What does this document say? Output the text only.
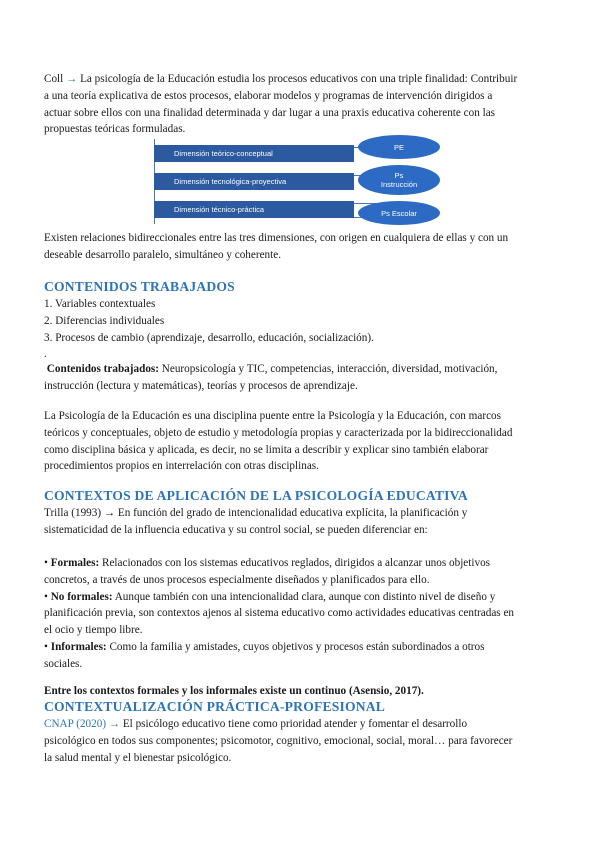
Coll → La psicología de la Educación estudia los procesos educativos con una triple finalidad: Contribuir
a una teoría explicativa de estos procesos, elaborar modelos y programas de intervención dirigidos a
actuar sobre ellos con una finalidad determinada y dar lugar a una praxis educativa coherente con las
propuestas teóricas formuladas.

Dimensión teórico-conceptual
Dimensión tecnológica-proyectiva
Dimensión técnico-práctica
PE
Ps
Instrucción
Ps Escolar

Existen relaciones bidireccionales entre las tres dimensiones, con origen en cualquiera de ellas y con un
deseable desarrollo paralelo, simultáneo y coherente.

CONTENIDOS TRABAJADOS

1. Variables contextuales
2. Diferencias individuales
3. Procesos de cambio (aprendizaje, desarrollo, educación, socialización).
.

Contenidos trabajados: Neuropsicología y TIC, competencias, interacción, diversidad, motivación,
instrucción (lectura y matemáticas), teorías y procesos de aprendizaje.

La Psicología de la Educación es una disciplina puente entre la Psicología y la Educación, con marcos
teóricos y conceptuales, objeto de estudio y metodología propias y caracterizada por la bidireccionalidad
como disciplina básica y aplicada, es decir, no se limita a describir y explicar sino también elaborar
procedimientos propios en interrelación con otras disciplinas.

CONTEXTOS DE APLICACIÓN DE LA PSICOLOGÍA EDUCATIVA

Trilla (1993) → En función del grado de intencionalidad educativa explícita, la planificación y
sistematicidad de la influencia educativa y su control social, se pueden diferenciar en:

• Formales: Relacionados con los sistemas educativos reglados, dirigidos a alcanzar unos objetivos
concretos, a través de unos procesos especialmente diseñados y planificados para ello.
• No formales: Aunque también con una intencionalidad clara, aunque con distinto nivel de diseño y
planificación previa, son contextos ajenos al sistema educativo como actividades educativas centradas en
el ocio y tiempo libre.
• Informales: Como la familia y amistades, cuyos objetivos y procesos están subordinados a otros
sociales.

Entre los contextos formales y los informales existe un continuo (Asensio, 2017).

CONTEXTUALIZACIÓN PRÁCTICA-PROFESIONAL

CNAP (2020) → El psicólogo educativo tiene como prioridad atender y fomentar el desarrollo
psicológico en todos sus componentes; psicomotor, cognitivo, emocional, social, moral… para favorecer
la salud mental y el bienestar psicológico.
